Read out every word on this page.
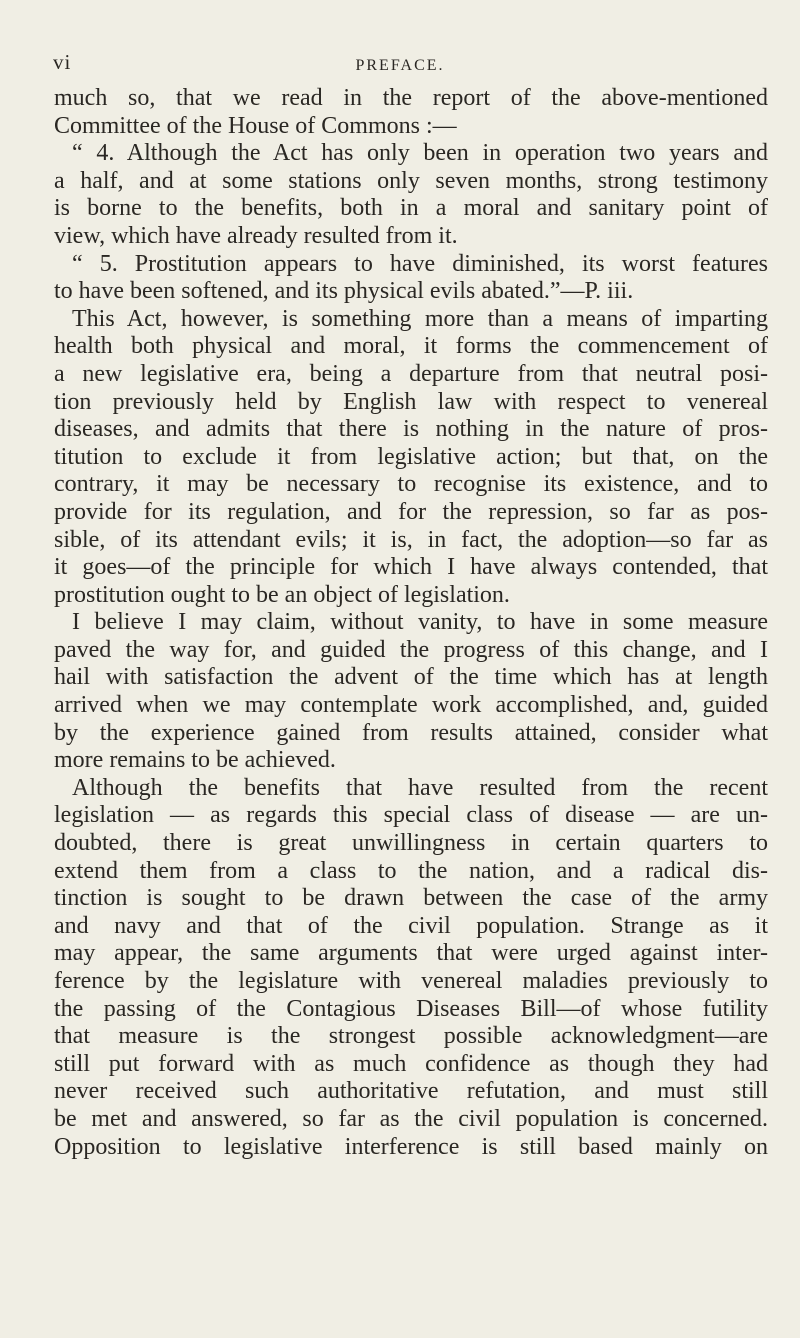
vi	PREFACE.
much so, that we read in the report of the above-mentioned
Committee of the House of Commons :—
“ 4. Although the Act has only been in operation two years and
a half, and at some stations only seven months, strong testimony
is borne to the benefits, both in a moral and sanitary point of
view, which have already resulted from it.
“ 5. Prostitution appears to have diminished, its worst features
to have been softened, and its physical evils abated.”—P. iii.
This Act, however, is something more than a means of imparting
health both physical and moral, it forms the commencement of
a new legislative era, being a departure from that neutral posi-
tion previously held by English law with respect to venereal
diseases, and admits that there is nothing in the nature of pros-
titution to exclude it from legislative action; but that, on the
contrary, it may be necessary to recognise its existence, and to
provide for its regulation, and for the repression, so far as pos-
sible, of its attendant evils; it is, in fact, the adoption—so far as
it goes—of the principle for which I have always contended, that
prostitution ought to be an object of legislation.
I believe I may claim, without vanity, to have in some measure
paved the way for, and guided the progress of this change, and I
hail with satisfaction the advent of the time which has at length
arrived when we may contemplate work accomplished, and, guided
by the experience gained from results attained, consider what
more remains to be achieved.
Although the benefits that have resulted from the recent
legislation — as regards this special class of disease — are un-
doubted, there is great unwillingness in certain quarters to
extend them from a class to the nation, and a radical dis-
tinction is sought to be drawn between the case of the army
and navy and that of the civil population. Strange as it
may appear, the same arguments that were urged against inter-
ference by the legislature with venereal maladies previously to
the passing of the Contagious Diseases Bill—of whose futility
that measure is the strongest possible acknowledgment—are
still put forward with as much confidence as though they had
never received such authoritative refutation, and must still
be met and answered, so far as the civil population is concerned.
Opposition to legislative interference is still based mainly on
